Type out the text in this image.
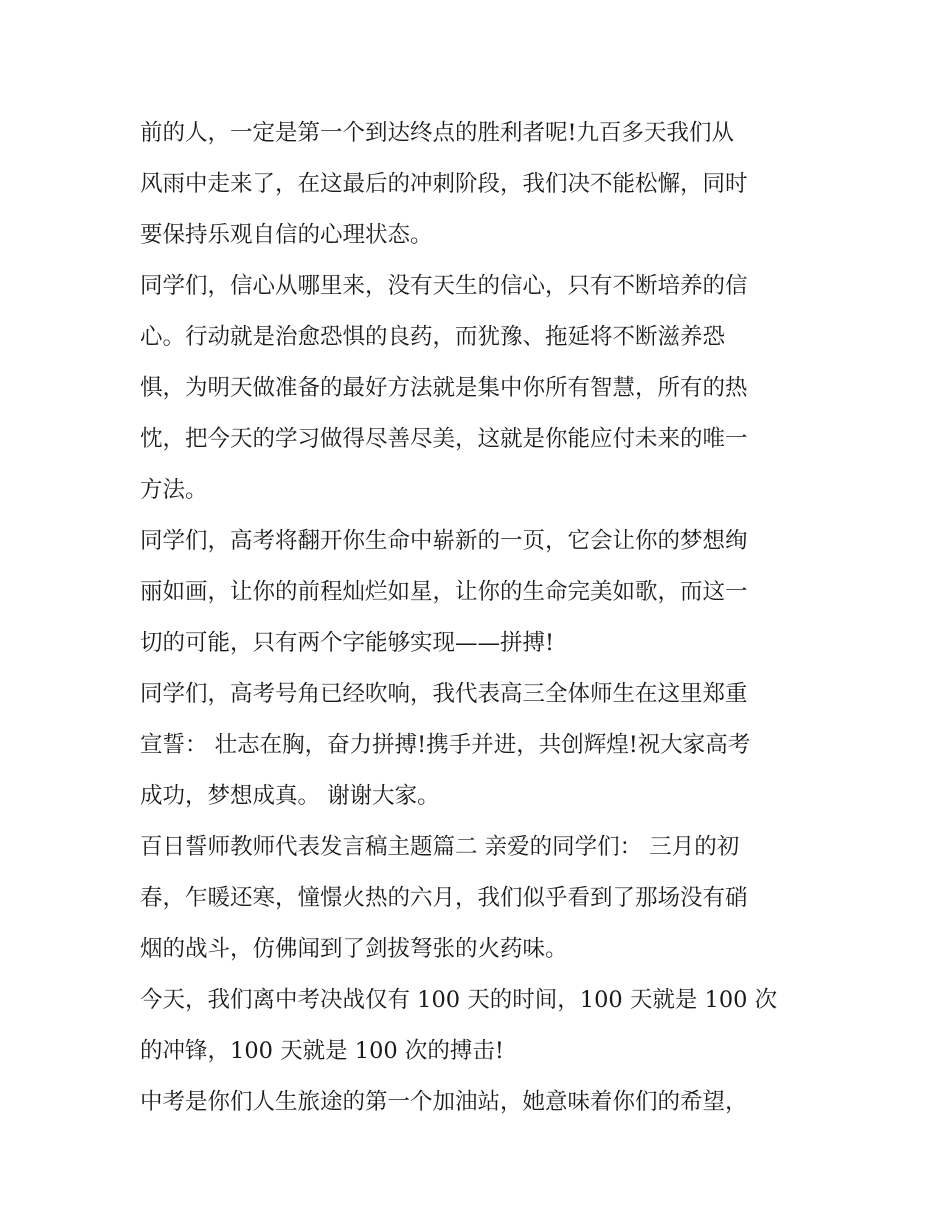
前的人，一定是第一个到达终点的胜利者呢!九百多天我们从
风雨中走来了，在这最后的冲刺阶段，我们决不能松懈，同时
要保持乐观自信的心理状态。
同学们，信心从哪里来，没有天生的信心，只有不断培养的信
心。行动就是治愈恐惧的良药，而犹豫、拖延将不断滋养恐
惧，为明天做准备的最好方法就是集中你所有智慧，所有的热
忱，把今天的学习做得尽善尽美，这就是你能应付未来的唯一
方法。
同学们，高考将翻开你生命中崭新的一页，它会让你的梦想绚
丽如画，让你的前程灿烂如星，让你的生命完美如歌，而这一
切的可能，只有两个字能够实现——拼搏!
同学们，高考号角已经吹响，我代表高三全体师生在这里郑重
宣誓： 壮志在胸，奋力拼搏!携手并进，共创辉煌!祝大家高考
成功，梦想成真。 谢谢大家。
百日誓师教师代表发言稿主题篇二 亲爱的同学们： 三月的初
春，乍暖还寒，憧憬火热的六月，我们似乎看到了那场没有硝
烟的战斗，仿佛闻到了剑拔弩张的火药味。
今天，我们离中考决战仅有 100 天的时间，100 天就是 100 次
的冲锋，100 天就是 100 次的搏击!
中考是你们人生旅途的第一个加油站，她意味着你们的希望，
